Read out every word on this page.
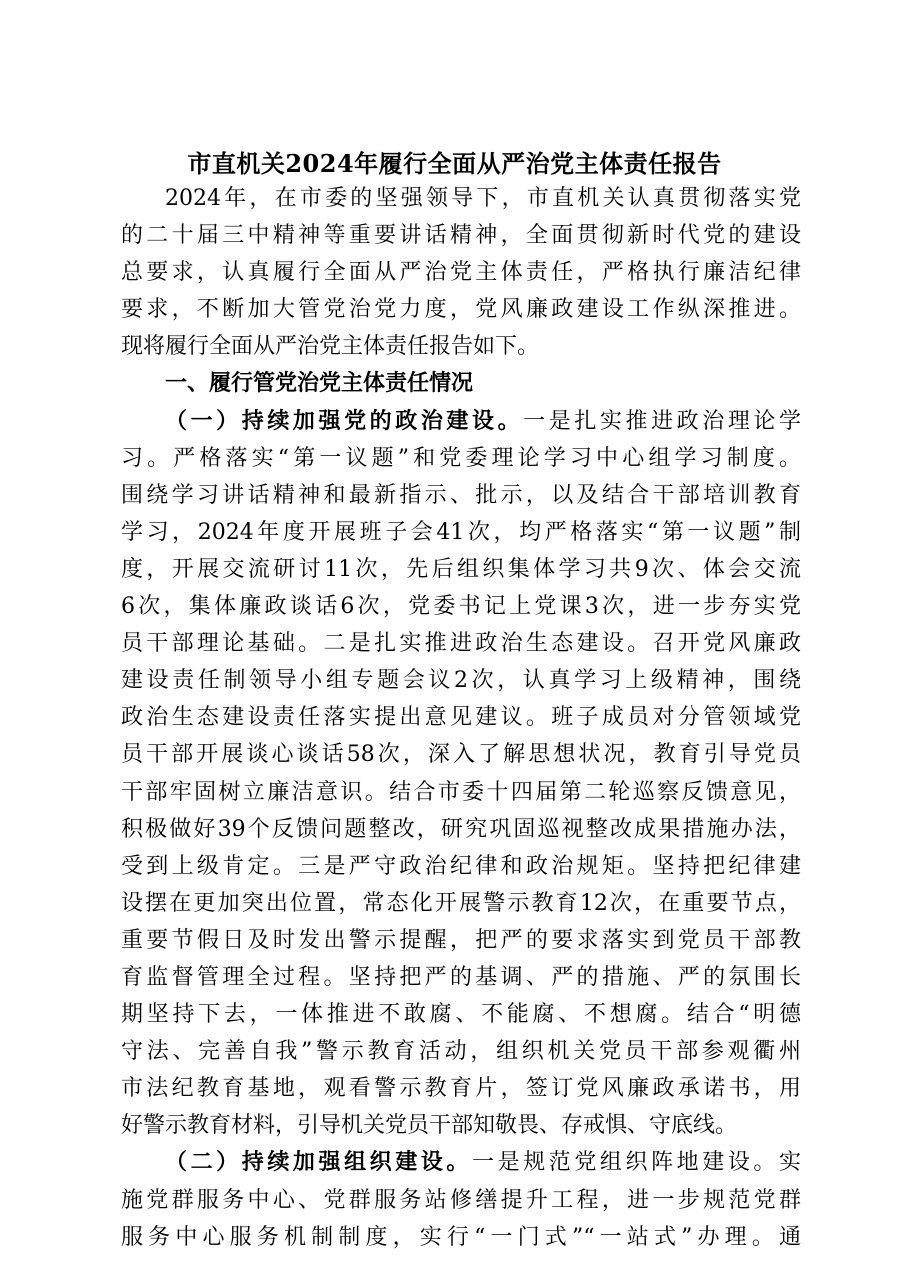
市直机关2024年履行全面从严治党主体责任报告
2024年，在市委的坚强领导下，市直机关认真贯彻落实党
的二十届三中精神等重要讲话精神，全面贯彻新时代党的建设
总要求，认真履行全面从严治党主体责任，严格执行廉洁纪律
要求，不断加大管党治党力度，党风廉政建设工作纵深推进。
现将履行全面从严治党主体责任报告如下。
一、履行管党治党主体责任情况
（一）持续加强党的政治建设。一是扎实推进政治理论学
习。严格落实“第一议题”和党委理论学习中心组学习制度。
围绕学习讲话精神和最新指示、批示，以及结合干部培训教育
学习，2024年度开展班子会41次，均严格落实“第一议题”制
度，开展交流研讨11次，先后组织集体学习共9次、体会交流
6次，集体廉政谈话6次，党委书记上党课3次，进一步夯实党
员干部理论基础。二是扎实推进政治生态建设。召开党风廉政
建设责任制领导小组专题会议2次，认真学习上级精神，围绕
政治生态建设责任落实提出意见建议。班子成员对分管领域党
员干部开展谈心谈话58次，深入了解思想状况，教育引导党员
干部牢固树立廉洁意识。结合市委十四届第二轮巡察反馈意见，
积极做好39个反馈问题整改，研究巩固巡视整改成果措施办法，
受到上级肯定。三是严守政治纪律和政治规矩。坚持把纪律建
设摆在更加突出位置，常态化开展警示教育12次，在重要节点，
重要节假日及时发出警示提醒，把严的要求落实到党员干部教
育监督管理全过程。坚持把严的基调、严的措施、严的氛围长
期坚持下去，一体推进不敢腐、不能腐、不想腐。结合“明德
守法、完善自我”警示教育活动，组织机关党员干部参观衢州
市法纪教育基地，观看警示教育片，签订党风廉政承诺书，用
好警示教育材料，引导机关党员干部知敬畏、存戒惧、守底线。
（二）持续加强组织建设。一是规范党组织阵地建设。实
施党群服务中心、党群服务站修缮提升工程，进一步规范党群
服务中心服务机制制度，实行“一门式”“一站式”办理。通
